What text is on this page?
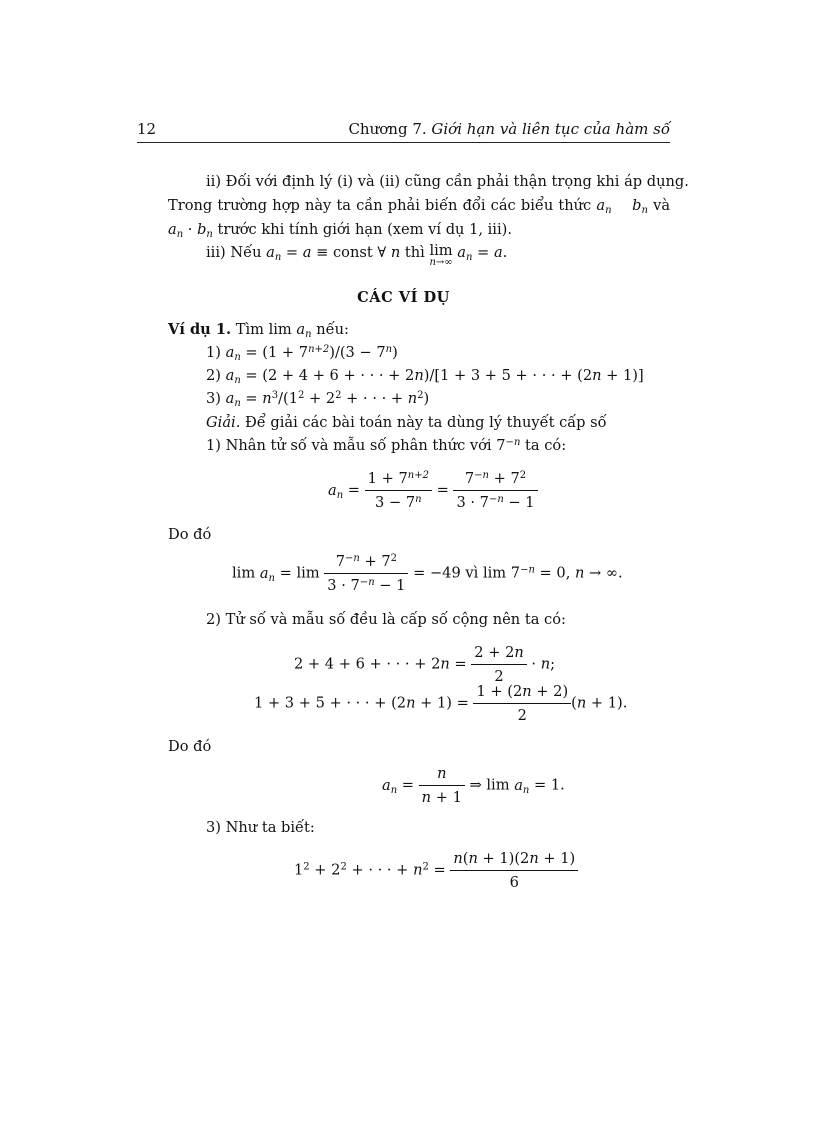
12	Chương 7. Giới hạn và liên tục của hàm số
ii) Đối với định lý (i) và (ii) cũng cần phải thận trọng khi áp dụng.
Trong trường hợp này ta cần phải biến đổi các biểu thức $a_n$ $b_n$ và
$a_n \cdot b_n$ trước khi tính giới hạn (xem ví dụ 1, iii).
iii) Nếu $a_n = a$ ≡ const ∀ n thì lim
n→∞
$a_n = a$.
CÁC VÍ DỤ
Ví dụ 1. Tìm $\lim a_n$ nếu:
1) $a_n = (1 + 7^{n+2})/(3 - 7^n)$
2) $a_n = (2 + 4 + 6$ + · · · + 2n)/[1 + 3 + 5 + · · · + (2n + 1)]
3) $a_n = n^3/(1^2 + 2^2$ + · · · + $n^2$)
Giải. Để giải các bài toán này ta dùng lý thuyết cấp số
1) Nhân tử số và mẫu số phân thức với $7^{-n}$ ta có:
$a_n = \frac{1 + 7^{n+2}}{3 - 7^n} = \frac{7^{-n} + 7^2}{3 \cdot 7^{-n} - 1}$
Do đó
$\lim a_n = \lim \frac{7^{-n} + 7^2}{3 \cdot 7^{-n} - 1} = -49$ vì $\lim 7^{-n} = 0$, n → ∞.
2) Tử số và mẫu số đều là cấp số cộng nên ta có:
2 + 4 + 6 + · · · + $2n = \frac{2 + 2n}{2} \cdot n$;
1 + 3 + 5 + · · · + $(2n + 1) = \frac{1 + (2n + 2)}{2} (n + 1)$.
Do đó
$a_n = \frac{n}{n + 1}$ ⇒ $\lim a_n = 1$.
3) Như ta biết:
$1^2 + 2^2$ + · · · + $n^2 = \frac{n(n + 1)(2n + 1)}{6}$
